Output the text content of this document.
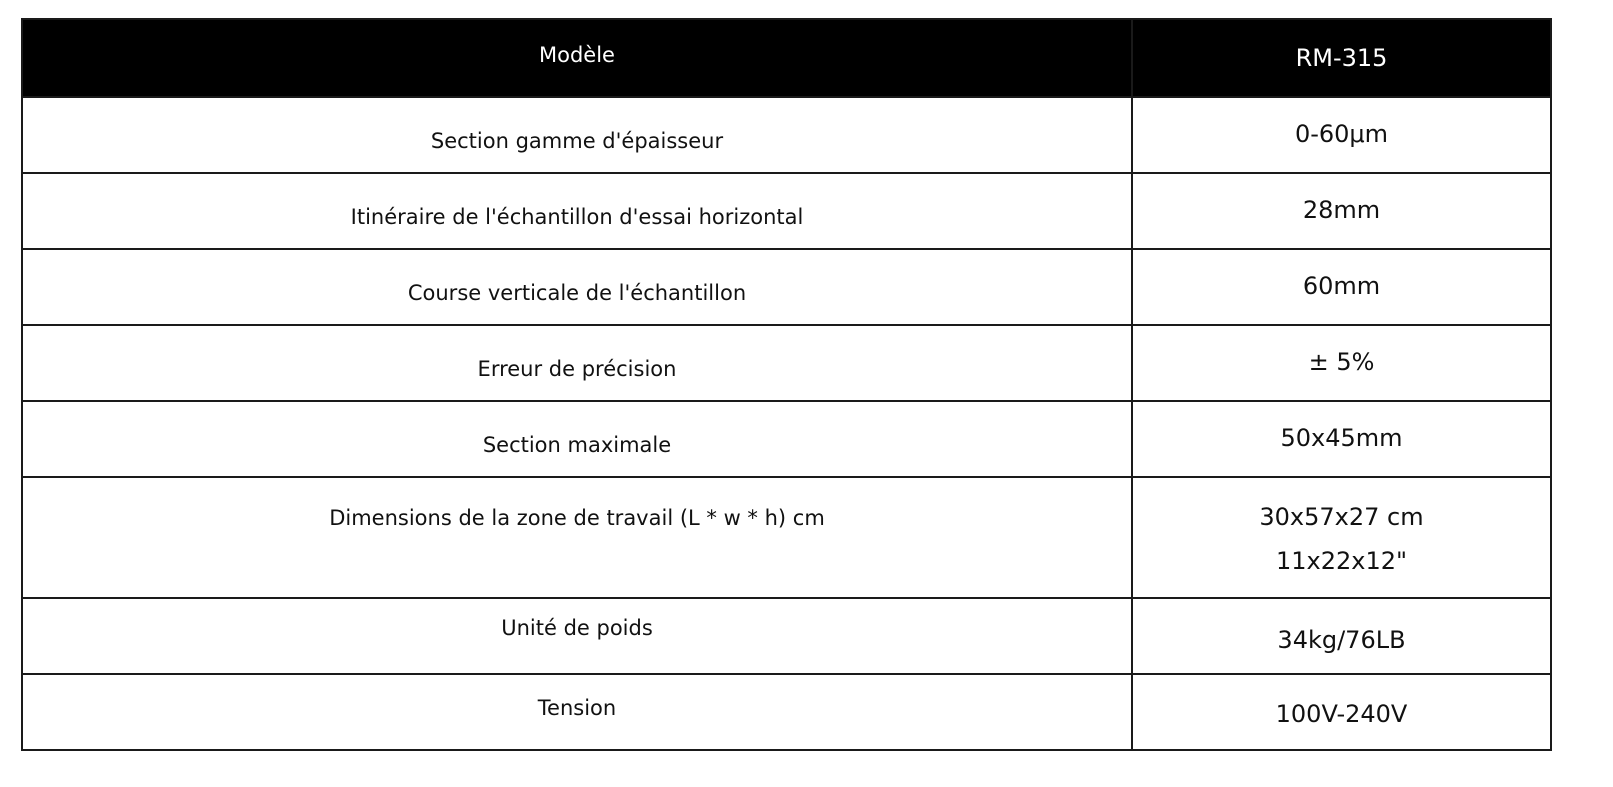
Modèle	RM-315
Section gamme d'épaisseur	0-60μm
Itinéraire de l'échantillon d'essai horizontal	28mm
Course verticale de l'échantillon	60mm
Erreur de précision	± 5%
Section maximale	50x45mm
Dimensions de la zone de travail (L * w * h) cm	30x57x27 cm
11x22x12"

Unité de poids	34kg/76LB
Tension	100V-240V
